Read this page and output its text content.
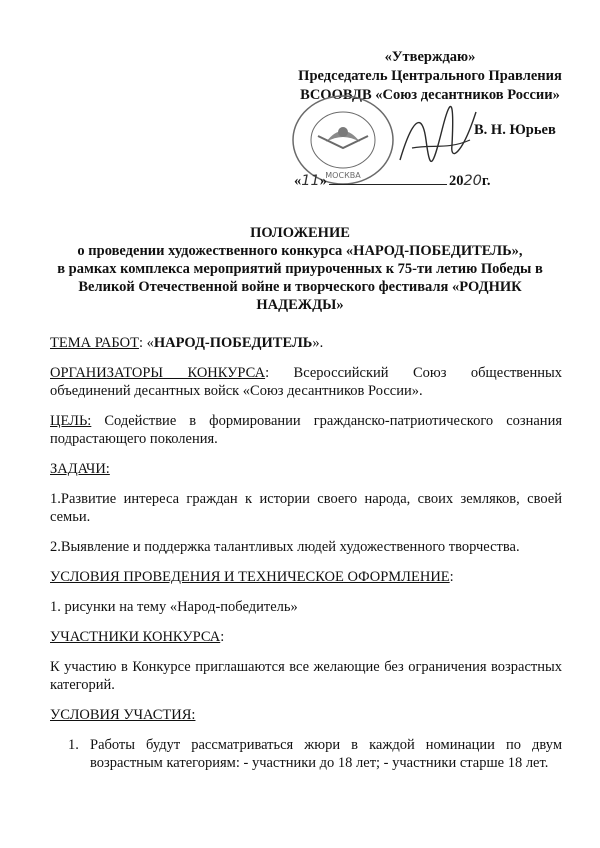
«Утверждаю»
Председатель Центрального Правления
ВСООВДВ «Союз десантников России»
МОСКВА
В. Н. Юрьев
« 11 »	20 20 г.
ПОЛОЖЕНИЕ
о проведении художественного конкурса «НАРОД-ПОБЕДИТЕЛЬ»,
в рамках комплекса мероприятий приуроченных к 75-ти летию Победы в
Великой Отечественной войне и творческого фестиваля «РОДНИК
НАДЕЖДЫ»

ТЕМА РАБОТ: «НАРОД-ПОБЕДИТЕЛЬ».

ОРГАНИЗАТОРЫ КОНКУРСА: Всероссийский Союз общественных объединений десантных войск «Союз десантников России».

ЦЕЛЬ: Содействие в формировании гражданско-патриотического сознания подрастающего поколения.

ЗАДАЧИ:

1.Развитие интереса граждан к истории своего народа, своих земляков, своей семьи.

2.Выявление и поддержка талантливых людей художественного творчества.

УСЛОВИЯ ПРОВЕДЕНИЯ И ТЕХНИЧЕСКОЕ ОФОРМЛЕНИЕ:

1. рисунки на тему «Народ-победитель»

УЧАСТНИКИ КОНКУРСА:

К участию в Конкурсе приглашаются все желающие без ограничения возрастных категорий.

УСЛОВИЯ УЧАСТИЯ:

1. Работы будут рассматриваться жюри в каждой номинации по двум возрастным категориям: - участники до 18 лет; - участники старше 18 лет.
